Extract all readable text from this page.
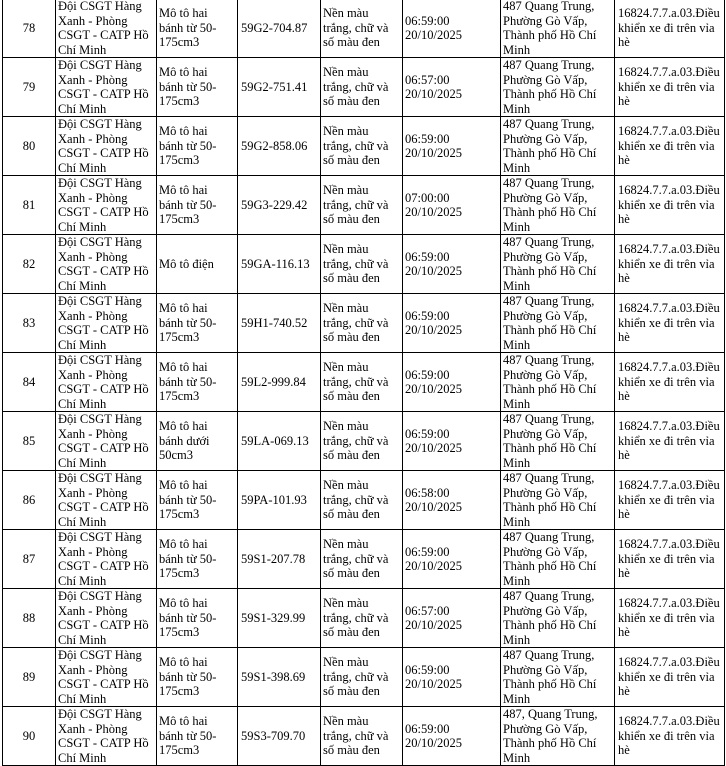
78	Đội CSGT Hàng Xanh - Phòng CSGT - CATP Hồ Chí Minh	Mô tô hai bánh từ 50-175cm3	59G2-704.87	Nền màu trắng, chữ và số màu đen	06:59:00 20/10/2025	487 Quang Trung, Phường Gò Vấp, Thành phố Hồ Chí Minh	16824.7.7.a.03.Điều khiển xe đi trên vỉa hè
79	Đội CSGT Hàng Xanh - Phòng CSGT - CATP Hồ Chí Minh	Mô tô hai bánh từ 50-175cm3	59G2-751.41	Nền màu trắng, chữ và số màu đen	06:57:00 20/10/2025	487 Quang Trung, Phường Gò Vấp, Thành phố Hồ Chí Minh	16824.7.7.a.03.Điều khiển xe đi trên vỉa hè
80	Đội CSGT Hàng Xanh - Phòng CSGT - CATP Hồ Chí Minh	Mô tô hai bánh từ 50-175cm3	59G2-858.06	Nền màu trắng, chữ và số màu đen	06:59:00 20/10/2025	487 Quang Trung, Phường Gò Vấp, Thành phố Hồ Chí Minh	16824.7.7.a.03.Điều khiển xe đi trên vỉa hè
81	Đội CSGT Hàng Xanh - Phòng CSGT - CATP Hồ Chí Minh	Mô tô hai bánh từ 50-175cm3	59G3-229.42	Nền màu trắng, chữ và số màu đen	07:00:00 20/10/2025	487 Quang Trung, Phường Gò Vấp, Thành phố Hồ Chí Minh	16824.7.7.a.03.Điều khiển xe đi trên vỉa hè
82	Đội CSGT Hàng Xanh - Phòng CSGT - CATP Hồ Chí Minh	Mô tô điện	59GA-116.13	Nền màu trắng, chữ và số màu đen	06:59:00 20/10/2025	487 Quang Trung, Phường Gò Vấp, Thành phố Hồ Chí Minh	16824.7.7.a.03.Điều khiển xe đi trên vỉa hè
83	Đội CSGT Hàng Xanh - Phòng CSGT - CATP Hồ Chí Minh	Mô tô hai bánh từ 50-175cm3	59H1-740.52	Nền màu trắng, chữ và số màu đen	06:59:00 20/10/2025	487 Quang Trung, Phường Gò Vấp, Thành phố Hồ Chí Minh	16824.7.7.a.03.Điều khiển xe đi trên vỉa hè
84	Đội CSGT Hàng Xanh - Phòng CSGT - CATP Hồ Chí Minh	Mô tô hai bánh từ 50-175cm3	59L2-999.84	Nền màu trắng, chữ và số màu đen	06:59:00 20/10/2025	487 Quang Trung, Phường Gò Vấp, Thành phố Hồ Chí Minh	16824.7.7.a.03.Điều khiển xe đi trên vỉa hè
85	Đội CSGT Hàng Xanh - Phòng CSGT - CATP Hồ Chí Minh	Mô tô hai bánh dưới 50cm3	59LA-069.13	Nền màu trắng, chữ và số màu đen	06:59:00 20/10/2025	487 Quang Trung, Phường Gò Vấp, Thành phố Hồ Chí Minh	16824.7.7.a.03.Điều khiển xe đi trên vỉa hè
86	Đội CSGT Hàng Xanh - Phòng CSGT - CATP Hồ Chí Minh	Mô tô hai bánh từ 50-175cm3	59PA-101.93	Nền màu trắng, chữ và số màu đen	06:58:00 20/10/2025	487 Quang Trung, Phường Gò Vấp, Thành phố Hồ Chí Minh	16824.7.7.a.03.Điều khiển xe đi trên vỉa hè
87	Đội CSGT Hàng Xanh - Phòng CSGT - CATP Hồ Chí Minh	Mô tô hai bánh từ 50-175cm3	59S1-207.78	Nền màu trắng, chữ và số màu đen	06:59:00 20/10/2025	487 Quang Trung, Phường Gò Vấp, Thành phố Hồ Chí Minh	16824.7.7.a.03.Điều khiển xe đi trên vỉa hè
88	Đội CSGT Hàng Xanh - Phòng CSGT - CATP Hồ Chí Minh	Mô tô hai bánh từ 50-175cm3	59S1-329.99	Nền màu trắng, chữ và số màu đen	06:57:00 20/10/2025	487 Quang Trung, Phường Gò Vấp, Thành phố Hồ Chí Minh	16824.7.7.a.03.Điều khiển xe đi trên vỉa hè
89	Đội CSGT Hàng Xanh - Phòng CSGT - CATP Hồ Chí Minh	Mô tô hai bánh từ 50-175cm3	59S1-398.69	Nền màu trắng, chữ và số màu đen	06:59:00 20/10/2025	487 Quang Trung, Phường Gò Vấp, Thành phố Hồ Chí Minh	16824.7.7.a.03.Điều khiển xe đi trên vỉa hè
90	Đội CSGT Hàng Xanh - Phòng CSGT - CATP Hồ Chí Minh	Mô tô hai bánh từ 50-175cm3	59S3-709.70	Nền màu trắng, chữ và số màu đen	06:59:00 20/10/2025	487, Quang Trung, Phường Gò Vấp, Thành phố Hồ Chí Minh	16824.7.7.a.03.Điều khiển xe đi trên vỉa hè
